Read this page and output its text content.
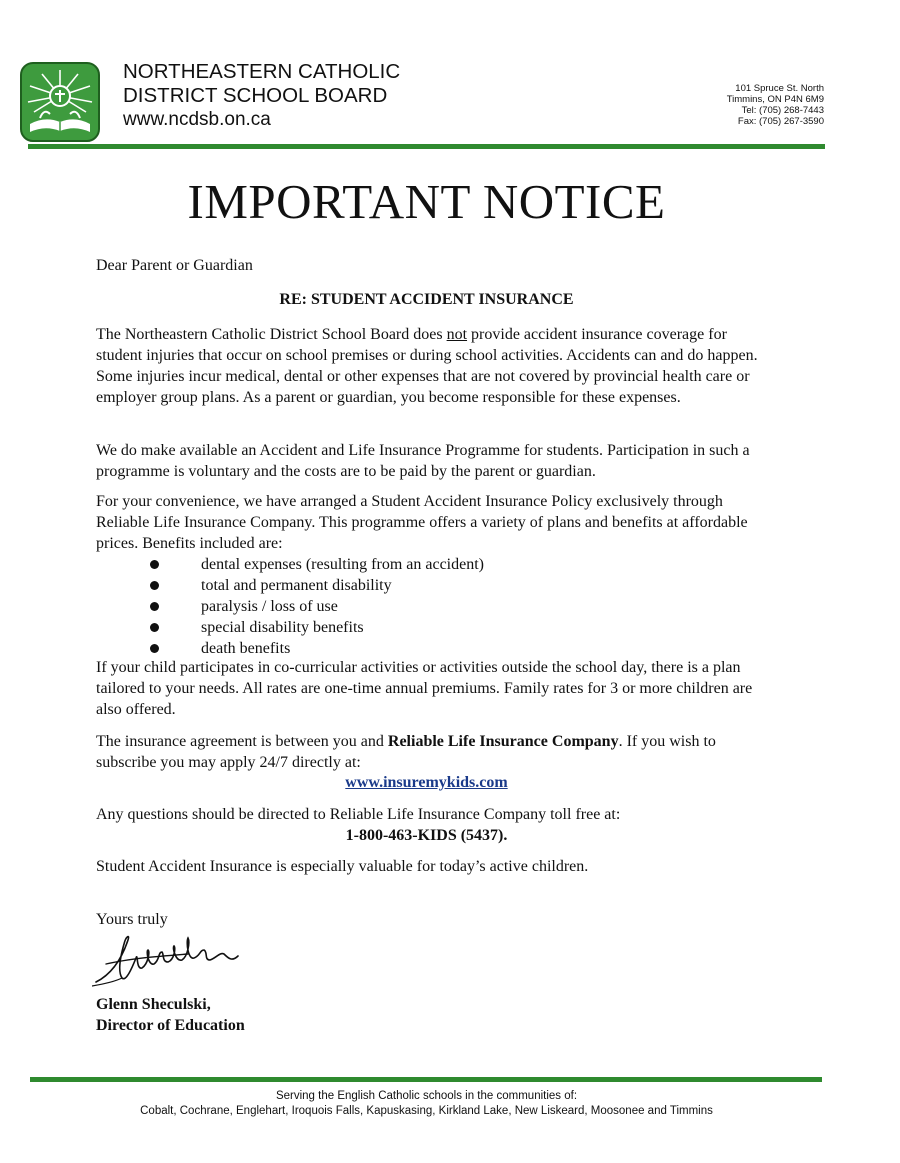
NORTHEASTERN CATHOLIC
DISTRICT SCHOOL BOARD
www.ncdsb.on.ca
101 Spruce St. North
Timmins, ON P4N 6M9
Tel: (705) 268-7443
Fax: (705) 267-3590
IMPORTANT NOTICE
Dear Parent or Guardian
RE: STUDENT ACCIDENT INSURANCE
The Northeastern Catholic District School Board does not provide accident insurance coverage for student injuries that occur on school premises or during school activities. Accidents can and do happen. Some injuries incur medical, dental or other expenses that are not covered by provincial health care or employer group plans. As a parent or guardian, you become responsible for these expenses.
We do make available an Accident and Life Insurance Programme for students. Participation in such a programme is voluntary and the costs are to be paid by the parent or guardian.
For your convenience, we have arranged a Student Accident Insurance Policy exclusively through Reliable Life Insurance Company. This programme offers a variety of plans and benefits at affordable prices. Benefits included are:
dental expenses (resulting from an accident)
total and permanent disability
paralysis / loss of use
special disability benefits
death benefits
If your child participates in co-curricular activities or activities outside the school day, there is a plan tailored to your needs. All rates are one-time annual premiums. Family rates for 3 or more children are also offered.
The insurance agreement is between you and Reliable Life Insurance Company. If you wish to subscribe you may apply 24/7 directly at:
www.insuremykids.com
Any questions should be directed to Reliable Life Insurance Company toll free at:
1-800-463-KIDS (5437).
Student Accident Insurance is especially valuable for today’s active children.
Yours truly
Glenn Sheculski,
Director of Education
Serving the English Catholic schools in the communities of:
Cobalt, Cochrane, Englehart, Iroquois Falls, Kapuskasing, Kirkland Lake, New Liskeard, Moosonee and Timmins
